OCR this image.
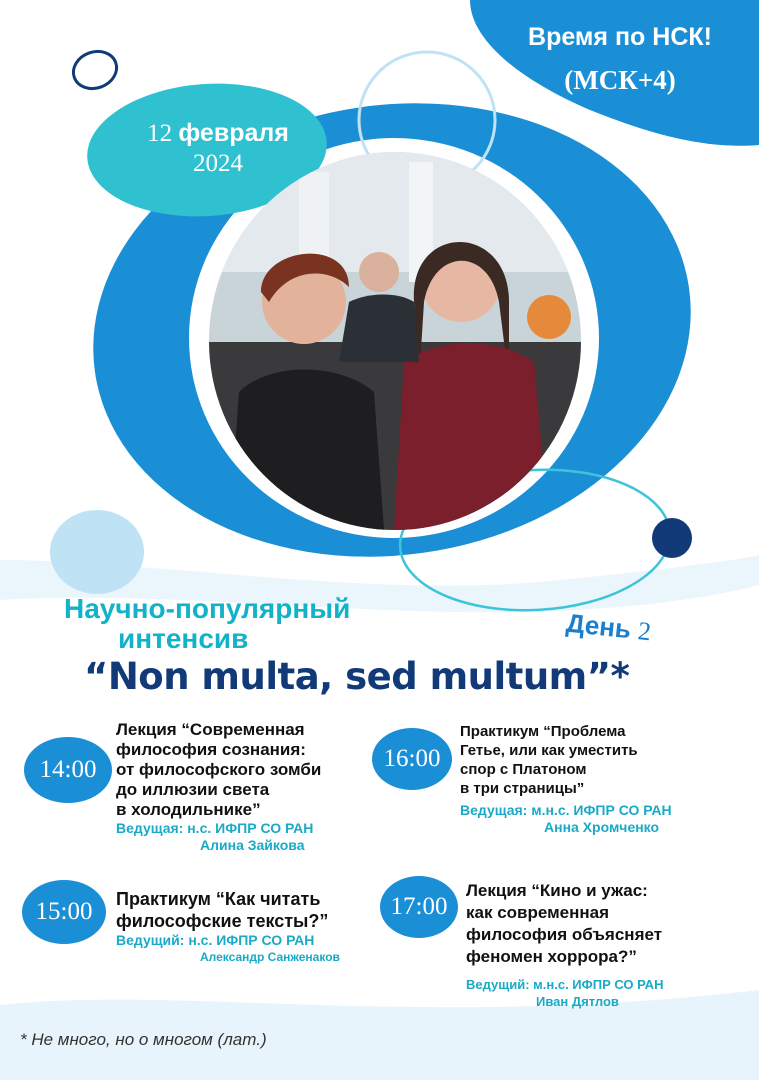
Время по НСК!
(МСК+4)
12 февраля
2024
Научно-популярный
интенсив	День 2
“Non multa, sed multum”*
14:00
Лекция “Современная
философия сознания:
от философского зомби
до иллюзии света
в холодильнике”
Ведущая: н.с. ИФПР СО РАН
Алина Зайкова
16:00
Практикум “Проблема
Гетье, или как уместить
спор с Платоном
в три страницы”
Ведущая: м.н.с. ИФПР СО РАН
Анна Хромченко
15:00 Практикум “Как читать
философские тексты?”
Ведущий: н.с. ИФПР СО РАН
Александр Санженаков
17:00
Лекция “Кино и ужас:
как современная
философия объясняет
феномен хоррора?”
Ведущий: м.н.с. ИФПР СО РАН
Иван Дятлов
* Не много, но о многом (лат.)
